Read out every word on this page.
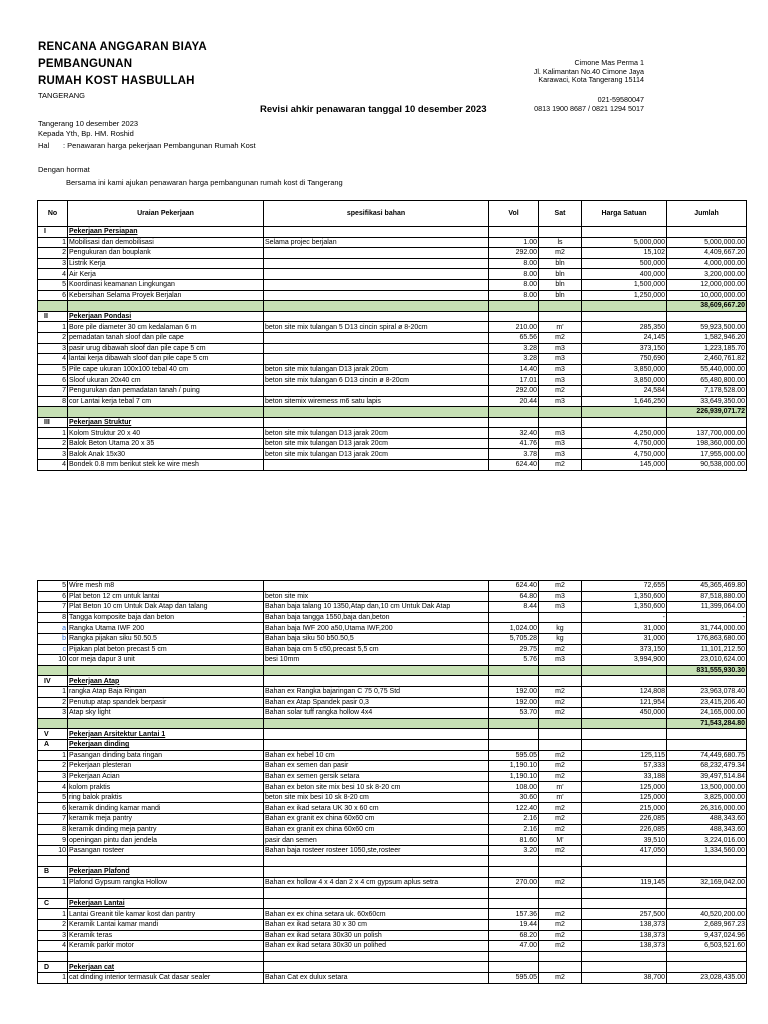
RENCANA ANGGARAN BIAYA
PEMBANGUNAN
RUMAH KOST HASBULLAH
TANGERANG
Cimone Mas Perma 1
Jl. Kalimantan No.40 Cimone Jaya
Karawaci, Kota Tangerang 15114
021-59580047
0813 1900 8687 / 0821 1294 5017
Revisi ahkir penawaran tanggal 10 desember 2023
Tangerang 10 desember 2023
Kepada Yth, Bp. HM. Roshid
Hal : Penawaran harga pekerjaan Pembangunan Rumah Kost
Dengan hormat
Bersama ini kami ajukan penawaran harga pembangunan rumah kost di Tangerang
No	Uraian Pekerjaan	spesifikasi bahan	Vol	Sat	Harga Satuan	Jumlah
I	Pekerjaan Persiapan					
1	Mobilisasi dan demobilisasi	Selama projec berjalan	1.00	ls	5,000,000	5,000,000.00
2	Pengukuran dan bouplank		292.00	m2	15,102	4,409,667.20
3	Listrik Kerja		8.00	bln	500,000	4,000,000.00
4	Air Kerja		8.00	bln	400,000	3,200,000.00
5	Koordinasi keamanan Lingkungan		8.00	bln	1,500,000	12,000,000.00
6	Kebersihan Selama Proyek Berjalan		8.00	bln	1,250,000	10,000,000.00
						38,609,667.20
II	Pekerjaan Pondasi					
1	Bore pile diameter 30 cm kedalaman 6 m	beton site mix tulangan 5 D13 cincin spiral ø 8-20cm	210.00	m'	285,350	59,923,500.00
2	pemadatan tanah sloof dan pile cape		65.56	m2	24,145	1,582,946.20
3	pasir urug dibawah sloof dan pile cape 5 cm		3.28	m3	373,150	1,223,185.70
4	lantai kerja dibawah sloof dan pile cape 5 cm		3.28	m3	750,690	2,460,761.82
5	Pile cape ukuran 100x100 tebal 40 cm	beton site mix tulangan D13 jarak 20cm	14.40	m3	3,850,000	55,440,000.00
6	Sloof ukuran 20x40 cm	beton site mix tulangan 6 D13 cincin ø 8-20cm	17.01	m3	3,850,000	65,480,800.00
7	Pengurukan dan pemadatan tanah / puing		292.00	m2	24,584	7,178,528.00
8	cor Lantai kerja tebal 7 cm	beton sitemix wiremess m6 satu lapis	20.44	m3	1,646,250	33,649,350.00
						226,939,071.72
III	Pekerjaan Struktur					
1	Kolom Struktur 20 x 40	beton site mix tulangan D13 jarak 20cm	32.40	m3	4,250,000	137,700,000.00
2	Balok Beton Utama 20 x 35	beton site mix tulangan D13 jarak 20cm	41.76	m3	4,750,000	198,360,000.00
3	Balok Anak 15x30	beton site mix tulangan D13 jarak 20cm	3.78	m3	4,750,000	17,955,000.00
4	Bondek 0.8 mm berikut stek ke wire mesh		624.40	m2	145,000	90,538,000.00
5	Wire mesh m8		624.40	m2	72,655	45,365,469.80
6	Plat beton 12 cm untuk lantai	beton site mix	64.80	m3	1,350,600	87,518,880.00
7	Plat Beton 10 cm Untuk Dak Atap dan talang	Bahan baja talang 10 1350,Atap dan,10 cm Untuk Dak Atap	8.44	m3	1,350,600	11,399,064.00
8	Tangga komposite baja dan beton	Bahan baja tangga 1550,baja dan,beton			-	-
a	Rangka Utama IWF 200	Bahan baja IWF 200 a50,Utama IWF,200	1,024.00	kg	31,000	31,744,000.00
b	Rangka pijakan siku 50.50.5	Bahan baja siku 50 b50.50,5	5,705.28	kg	31,000	176,863,680.00
c	Pijakan plat beton precast 5 cm	Bahan baja cm 5 c50,precast 5,5 cm	29.75	m2	373,150	11,101,212.50
10	cor meja dapur 3 unit	besi 10mm	5.76	m3	3,994,900	23,010,624.00
						831,555,930.30
IV	Pekerjaan Atap					
1	rangka Atap Baja Ringan	Bahan ex Rangka bajaringan C 75 0,75 Std	192.00	m2	124,808	23,963,078.40
2	Penutup atap spandek berpasir	Bahan ex Atap Spandek pasir 0,3	192.00	m2	121,954	23,415,206.40
3	Atap sky light	Bahan solar tuff rangka hollow 4x4	53.70	m2	450,000	24,165,000.00
						71,543,284.80
V	Pekerjaan Arsitektur Lantai 1					
A	Pekerjaan dinding					
1	Pasangan dinding bata ringan	Bahan ex hebel 10 cm	595.05	m2	125,115	74,449,680.75
2	Pekerjaan plesteran	Bahan ex semen dan pasir	1,190.10	m2	57,333	68,232,479.34
3	Pekerjaan Acian	Bahan ex semen gersik setara	1,190.10	m2	33,188	39,497,514.84
4	kolom praktis	Bahan ex beton site mix besi 10 sk 8-20 cm	108.00	m'	125,000	13,500,000.00
5	ring balok praktis	beton site mix besi 10 sk 8-20 cm	30.60	m'	125,000	3,825,000.00
6	keramik dinding kamar mandi	Bahan ex ikad setara UK 30 x 60 cm	122.40	m2	215,000	26,316,000.00
7	keramik meja pantry	Bahan ex granit ex china 60x60 cm	2.16	m2	226,085	488,343.60
8	keramik dinding meja pantry	Bahan ex granit ex china 60x60 cm	2.16	m2	226,085	488,343.60
9	openingan pintu dan jendela	pasir dan semen	81.60	M'	39,510	3,224,016.00
10	Pasangan rosteer	Bahan baja rosteer rosteer 1050,ste,rosteer	3.20	m2	417,050	1,334,560.00

B	Pekerjaan Plafond					
1	Plafond Gypsum rangka Hollow	Bahan ex hollow 4 x 4 dan 2 x 4 cm gypsum aplus setra	270.00	m2	119,145	32,169,042.00

C	Pekerjaan Lantai					
1	Lantai Greanit tile kamar kost dan pantry	Bahan ex ex china setara uk. 60x60cm	157.36	m2	257,500	40,520,200.00
2	Keramik Lantai kamar mandi	Bahan ex ikad setara 30 x 30 cm	19.44	m2	138,373	2,689,967.23
3	Keramik teras	Bahan ex ikad setara 30x30 un polish	68.20	m2	138,373	9,437,024.96
4	Keramik parkir motor	Bahan ex ikad setara 30x30 un polihed	47.00	m2	138,373	6,503,521.60

D	Pekerjaan cat					
1	cat dinding interior termasuk Cat dasar sealer	Bahan Cat ex dulux setara	595.05	m2	38,700	23,028,435.00
